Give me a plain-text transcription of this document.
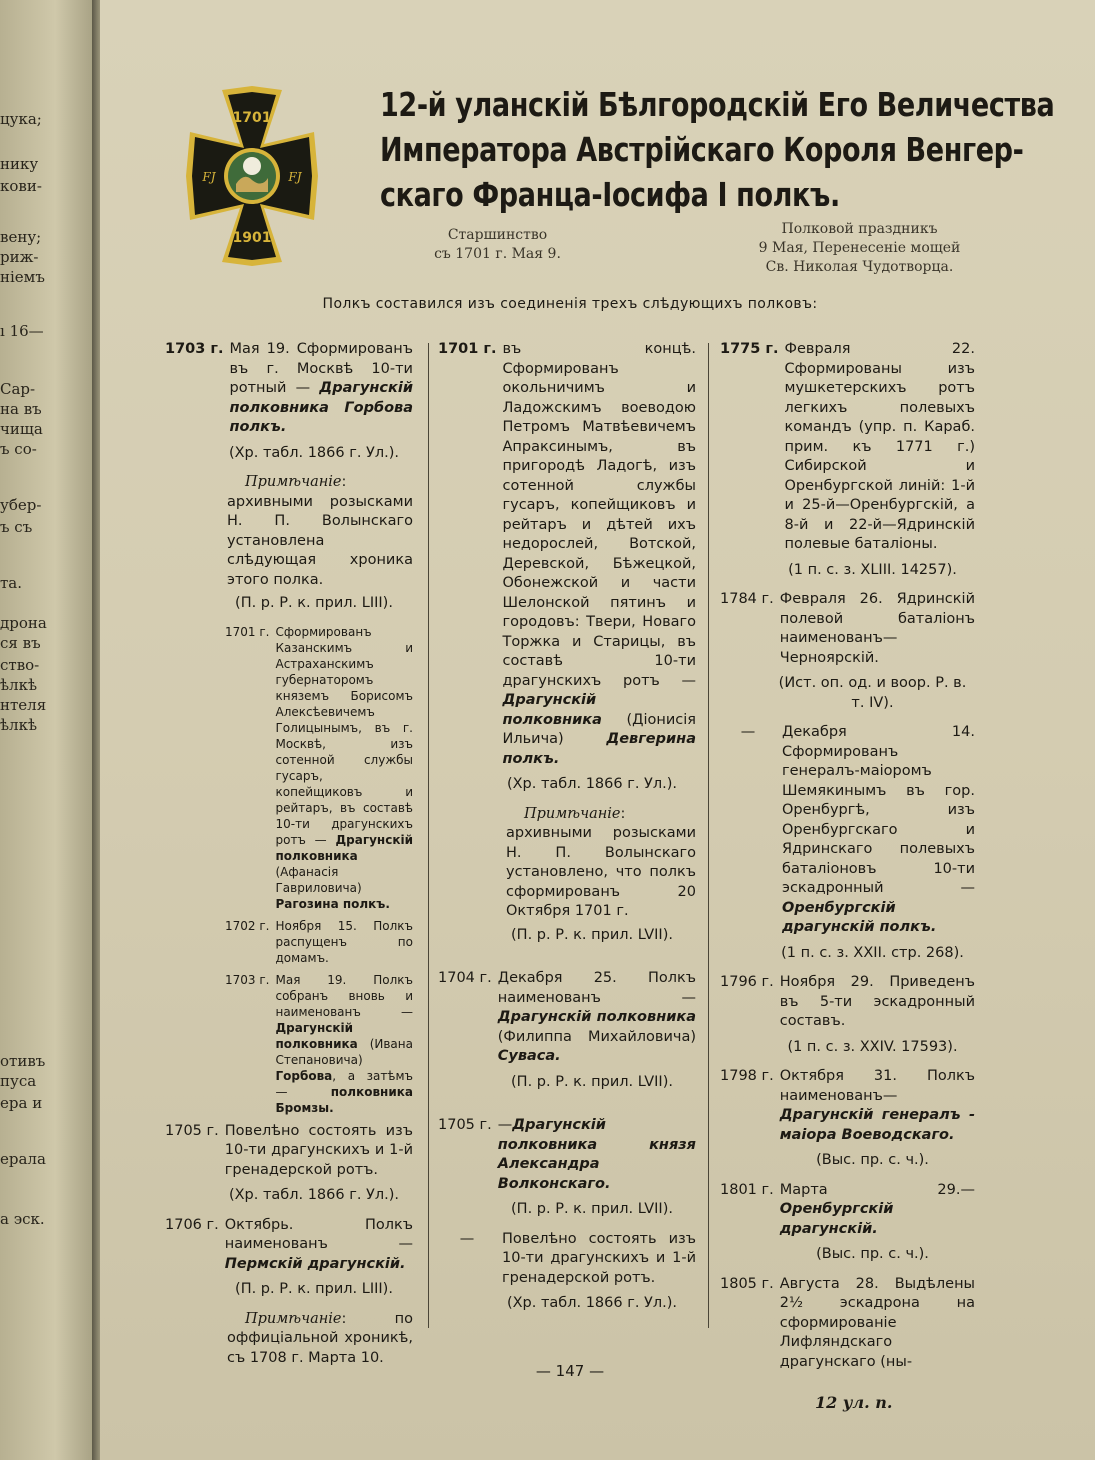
цука;
нику
кови-
вену;
риж-
ніемъ
ı 16—
Сар-
на въ
чища
ъ со-
убер-
ъ съ
та.
дрона
ся въ
ство-
ѣлкѣ
нтеля
ѣлкѣ
отивъ
пуса
ера и
ерала
а эск.
1701
1901
FJ	FJ
12-й уланскій Бѣлгородскій Его Величества
Императора Австрійскаго Короля Венгер-
скаго Франца-Іосифа I полкъ.
Старшинство
съ 1701 г. Мая 9.
Полковой праздникъ
9 Мая, Перенесеніе мощей
Св. Николая Чудотворца.
Полкъ составился изъ соединенія трехъ слѣдующихъ полковъ:
1703 г. Мая 19. Сформированъ въ г. Москвѣ 10-ти ротный — Драгунскій полковника Горбова полкъ.
(Хр. табл. 1866 г. Ул.).
Примѣчаніе: архивными розысками Н. П. Волынскаго установлена слѣдующая хроника этого полка.
(П. р. Р. к. прил. LIII).
1701 г. Сформированъ Казанскимъ и Астраханскимъ губернаторомъ княземъ Борисомъ Алексѣевичемъ Голицынымъ, въ г. Москвѣ, изъ сотенной службы гусаръ, копейщиковъ и рейтаръ, въ составѣ 10-ти драгунскихъ ротъ — Драгунскій полковника (Афанасія Гавриловича) Рагозина полкъ.
1702 г. Ноября 15. Полкъ распущенъ по домамъ.
1703 г. Мая 19. Полкъ собранъ вновь и наименованъ — Драгунскій полковника (Ивана Степановича) Горбова, а затѣмъ — полковника Бромзы.
1705 г. Повелѣно состоять изъ 10-ти драгунскихъ и 1-й гренадерской ротъ.
(Хр. табл. 1866 г. Ул.).
1706 г. Октябрь. Полкъ наименованъ — Пермскій драгунскій.
(П. р. Р. к. прил. LIII).
Примѣчаніе: по оффиціальной хроникѣ, съ 1708 г. Марта 10.
1701 г. въ концѣ. Сформированъ окольничимъ и Ладожскимъ воеводою Петромъ Матвѣевичемъ Апраксинымъ, въ пригородѣ Ладогѣ, изъ сотенной службы гусаръ, копейщиковъ и рейтаръ и дѣтей ихъ недорослей, Вотской, Деревской, Бѣжецкой, Обонежской и части Шелонской пятинъ и городовъ: Твери, Новаго Торжка и Старицы, въ составѣ 10-ти драгунскихъ ротъ — Драгунскій полковника (Діонисія Ильича) Девгерина полкъ.
(Хр. табл. 1866 г. Ул.).
Примѣчаніе: архивными розысками Н. П. Волынскаго установлено, что полкъ сформированъ 20 Октября 1701 г.
(П. р. Р. к. прил. LVII).
1704 г. Декабря 25. Полкъ наименованъ — Драгунскій полковника (Филиппа Михайловича) Суваса.
(П. р. Р. к. прил. LVII).
1705 г. —Драгунскій полковника князя Александра Волконскаго.
(П. р. Р. к. прил. LVII).
—	Повелѣно состоять изъ 10-ти драгунскихъ и 1-й гренадерской ротъ.
(Хр. табл. 1866 г. Ул.).
1775 г. Февраля 22. Сформированы изъ мушкетерскихъ ротъ легкихъ полевыхъ командъ (упр. п. Караб. прим. къ 1771 г.) Сибирской и Оренбургской линій: 1-й и 25-й—Оренбургскій, а 8-й и 22-й—Ядринскій полевые баталіоны.
(1 п. с. з. XLIII. 14257).
1784 г. Февраля 26. Ядринскій полевой баталіонъ наименованъ— Черноярскій.
(Ист. оп. од. и воор. Р. в. т. IV).
—	Декабря 14. Сформированъ генералъ-маіоромъ Шемякинымъ въ гор. Оренбургѣ, изъ Оренбургскаго и Ядринскаго полевыхъ баталіоновъ 10-ти эскадронный — Оренбургскій драгунскій полкъ.
(1 п. с. з. XXII. стр. 268).
1796 г. Ноября 29. Приведенъ въ 5-ти эскадронный составъ.
(1 п. с. з. XXIV. 17593).
1798 г. Октября 31. Полкъ наименованъ— Драгунскій генералъ - маіора Воеводскаго.
(Выс. пр. с. ч.).
1801 г. Марта 29.— Оренбургскій драгунскій.
(Выс. пр. с. ч.).
1805 г. Августа 28. Выдѣлены 2½ эскадрона на сформированіе Лифляндскаго драгунскаго (ны-
— 147 —
12 ул. п.
